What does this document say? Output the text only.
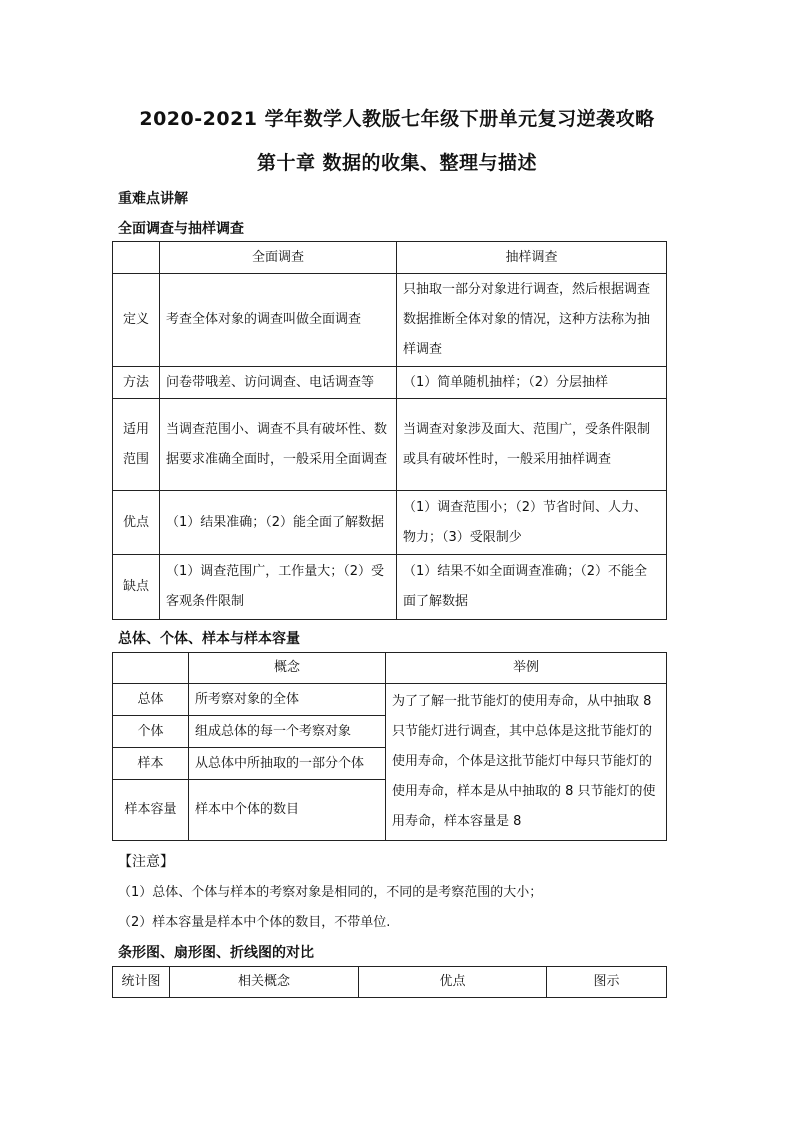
2020-2021 学年数学人教版七年级下册单元复习逆袭攻略
第十章 数据的收集、整理与描述
重难点讲解
全面调查与抽样调查
	全面调查	抽样调查
定义	考查全体对象的调查叫做全面调查	只抽取一部分对象进行调查，然后根据调查数据推断全体对象的情况，这种方法称为抽样调查
方法	问卷带哦差、访问调查、电话调查等	（1）简单随机抽样；（2）分层抽样
适用范围	当调查范围小、调查不具有破坏性、数据要求准确全面时，一般采用全面调查	当调查对象涉及面大、范围广，受条件限制或具有破坏性时，一般采用抽样调查
优点	（1）结果准确；（2）能全面了解数据	（1）调查范围小；（2）节省时间、人力、物力；（3）受限制少
缺点	（1）调查范围广，工作量大；（2）受客观条件限制	（1）结果不如全面调查准确；（2）不能全面了解数据
总体、个体、样本与样本容量
	概念	举例
总体	所考察对象的全体	为了了解一批节能灯的使用寿命，从中抽取 8 只节能灯进行调查，其中总体是这批节能灯的使用寿命，个体是这批节能灯中每只节能灯的使用寿命，样本是从中抽取的 8 只节能灯的使用寿命，样本容量是 8
个体	组成总体的每一个考察对象	
样本	从总体中所抽取的一部分个体	
样本容量	样本中个体的数目	
【注意】
（1）总体、个体与样本的考察对象是相同的，不同的是考察范围的大小；
（2）样本容量是样本中个体的数目，不带单位.
条形图、扇形图、折线图的对比
统计图	相关概念	优点	图示
